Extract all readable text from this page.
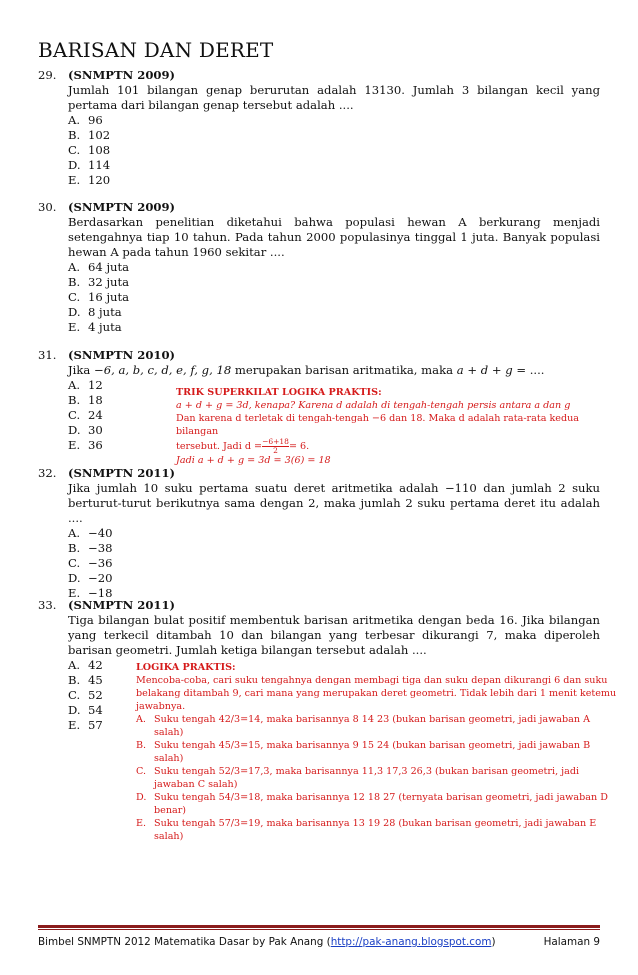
BARISAN DAN DERET
29. (SNMPTN 2009)
Jumlah 101 bilangan genap berurutan adalah 13130. Jumlah 3 bilangan kecil yang pertama dari bilangan genap tersebut adalah ....
A. 96
B. 102
C. 108
D. 114
E. 120
30. (SNMPTN 2009)
Berdasarkan penelitian diketahui bahwa populasi hewan A berkurang menjadi setengahnya tiap 10 tahun. Pada tahun 2000 populasinya tinggal 1 juta. Banyak populasi hewan A pada tahun 1960 sekitar ....
A. 64 juta
B. 32 juta
C. 16 juta
D. 8 juta
E. 4 juta
31. (SNMPTN 2010)
Jika −6, a, b, c, d, e, f, g, 18 merupakan barisan aritmatika, maka a + d + g = ....
A. 12
B. 18
C. 24
D. 30
E. 36
TRIK SUPERKILAT LOGIKA PRAKTIS:
a + d + g = 3d, kenapa? Karena d adalah di tengah-tengah persis antara a dan g
Dan karena d terletak di tengah-tengah −6 dan 18. Maka d adalah rata-rata kedua bilangan
tersebut. Jadi $d = \frac{-6+18}{2} = 6$.
Jadi a + d + g = 3d = 3(6) = 18
32. (SNMPTN 2011)
Jika jumlah 10 suku pertama suatu deret aritmetika adalah −110 dan jumlah 2 suku berturut-turut berikutnya sama dengan 2, maka jumlah 2 suku pertama deret itu adalah ....
A. −40
B. −38
C. −36
D. −20
E. −18
33. (SNMPTN 2011)
Tiga bilangan bulat positif membentuk barisan aritmetika dengan beda 16. Jika bilangan yang terkecil ditambah 10 dan bilangan yang terbesar dikurangi 7, maka diperoleh barisan geometri. Jumlah ketiga bilangan tersebut adalah ....
A. 42
B. 45
C. 52
D. 54
E. 57
LOGIKA PRAKTIS:
Mencoba-coba, cari suku tengahnya dengan membagi tiga dan suku depan dikurangi 6 dan suku belakang ditambah 9, cari mana yang merupakan deret geometri. Tidak lebih dari 1 menit ketemu jawabnya.
A. Suku tengah 42/3=14, maka barisannya 8 14 23 (bukan barisan geometri, jadi jawaban A salah)
B. Suku tengah 45/3=15, maka barisannya 9 15 24 (bukan barisan geometri, jadi jawaban B salah)
C. Suku tengah 52/3=17,3, maka barisannya 11,3 17,3 26,3 (bukan barisan geometri, jadi jawaban C salah)
D. Suku tengah 54/3=18, maka barisannya 12 18 27 (ternyata barisan geometri, jadi jawaban D benar)
E. Suku tengah 57/3=19, maka barisannya 13 19 28 (bukan barisan geometri, jadi jawaban E salah)
Bimbel SNMPTN 2012 Matematika Dasar by Pak Anang (http://pak-anang.blogspot.com)	Halaman 9
